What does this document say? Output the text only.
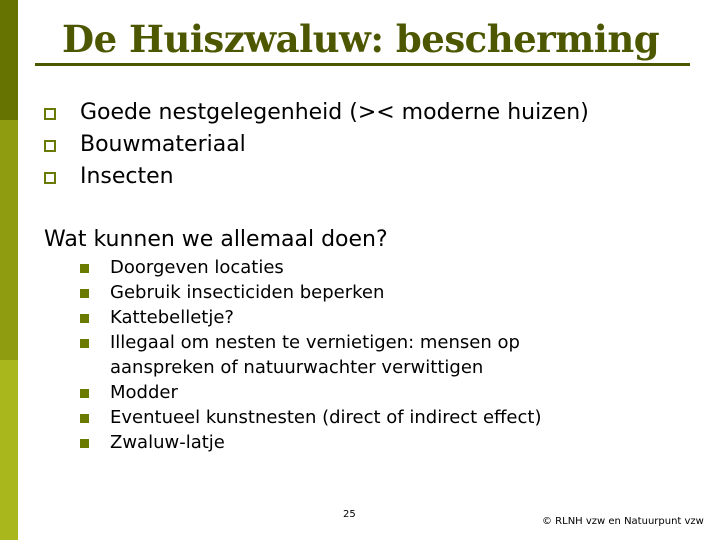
De Huiszwaluw: bescherming
Goede nestgelegenheid (>< moderne huizen)
Bouwmateriaal
Insecten
Wat kunnen we allemaal doen?
Doorgeven locaties
Gebruik insecticiden beperken
Kattebelletje?
Illegaal om nesten te vernietigen: mensen op aanspreken of natuurwachter verwittigen
Modder
Eventueel kunstnesten (direct of indirect effect)
Zwaluw-latje
25
© RLNH vzw en Natuurpunt vzw
